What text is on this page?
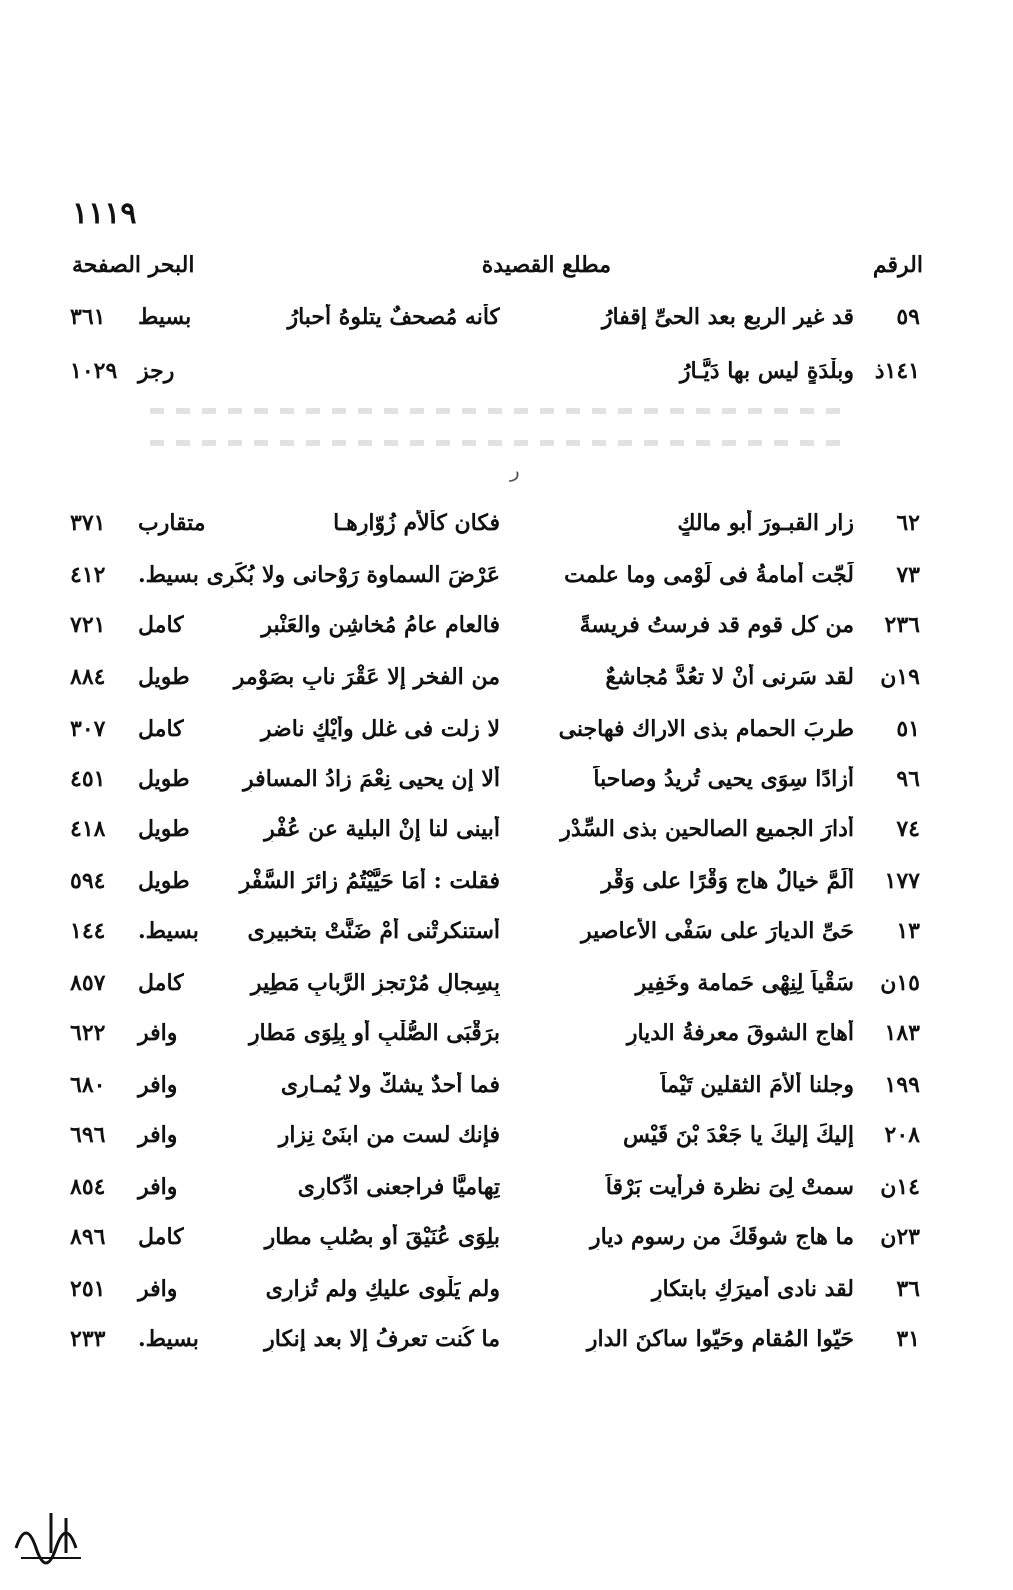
١١١٩
الرقم
مطلع القصيدة
البحر الصفحة
ر
٥٩
قد غير الربع بعد الحىِّ إقفارُ
كأنه مُصحفٌ يتلوهُ أحبارُ
بسيط
٣٦١
١٤١ذ
وبلْدَةٍ ليس بها دَيَّـارُ
رجز
١٠٢٩
٦٢
زار القبـورَ أبو مالكٍ
فكان كألأم زُوّارِهـا
متقارب
٣٧١
٧٣
لَجّت أُمامةُ فى لَوْمى وما علمت
عَرْضَ السماوة رَوْحانى ولا بُكَرِى
بسيط.
٤١٢
٢٣٦
من كل قوم قد فرستُ فريسةً
فالعام عامُ مُخاشِنٍ والعَنْبرِ
كامل
٧٢١
١٩ن
لقد سَرنى أنْ لا تعُدَّ مُجاشعٌ
من الفخر إلا عَقْرَ نابٍ بصَوْمرِ
طويل
٨٨٤
٥١
طربَ الحمام بذى الاراك فهاجنى
لا زلت فى غلل وأيْكٍ ناضرِ
كامل
٣٠٧
٩٦
أزادًا سِوَى يحيى تُريدُ وصاحباً
ألا إن يحيى نِعْمَ زادُ المسافرِ
طويل
٤٥١
٧٤
أدارَ الجميع الصالحين بذى السِّدْرِ
أبينى لنا إنْ البلية عن عُفْرِ
طويل
٤١٨
١٧٧
ألَمَّ خيالٌ هاج وَقْرًا على وَقْرِ
فقلت : أَمَا حَيَّيْتُمُ زائرَ السَّفْرِ
طويل
٥٩٤
١٣
حَىِّ الديارَ على سَفْى الأعاصيرِ
أستنكرتْنى أمْ ضَنَّتْ بتخبيرِى
بسيط.
١٤٤
١٥ن
سَقْياً لِنِهْى حَمامة وخَفِيرِ
بِسِجالِ مُرْتجزِ الرَّبابِ مَطِيرِ
كامل
٨٥٧
١٨٣
أهاج الشوقَ معرفةُ الديارِ
برَقْبَى الصُّلْبِ أو بِلِوَى مَطارِ
وافر
٦٢٢
١٩٩
وجلنا ألأمَ الثقلين تَيْماً
فما أحدٌ يشكُّ ولا يُمـارِى
وافر
٦٨٠
٢٠٨
إليكَ إليكَ يا جَعْدَ بْنَ قَيْسٍ
فإنك لست من ابنَىْ نِزارِ
وافر
٦٩٦
١٤ن
سمتْ لِىَ نظرة فرأيت بَرْقاً
تِهاميًّا فراجعنى ادِّكارِى
وافر
٨٥٤
٢٣ن
ما هاج شوقَكَ من رسوم ديارِ
بلِوَى عُنَيْقَ أو بصُلبِ مطارِ
كامل
٨٩٦
٣٦
لقد نادى أميرَكِ بابتكارٍ
ولم يَلْوِى عليكِ ولم تُزارِى
وافر
٢٥١
٣١
حَيّوا المُقام وحَيّوا ساكنَ الدارِ
ما كُنت تعرفُ إلا بعد إنكارِ
بسيط.
٢٣٣
